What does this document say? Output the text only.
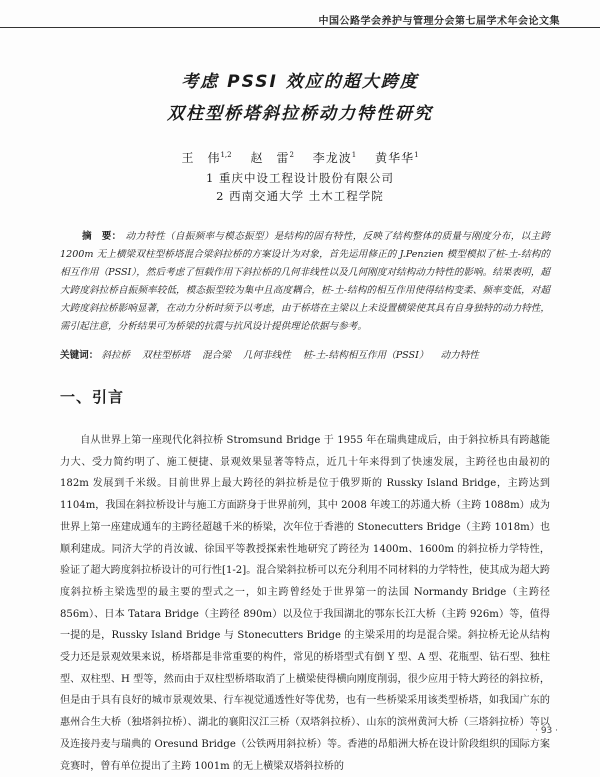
中国公路学会养护与管理分会第七届学术年会论文集
考虑 PSSI 效应的超大跨度
双柱型桥塔斜拉桥动力特性研究
王　伟$^{1,2}$ 赵　雷$^2$ 李龙波$^1$ 黄华华$^1$
1 重庆中设工程设计股份有限公司
2 西南交通大学 土木工程学院
摘　要： 动力特性（自振频率与模态振型）是结构的固有特性，反映了结构整体的质量与刚度分布，以主跨 1200m 无上横梁双柱型桥塔混合梁斜拉桥的方案设计为对象，首先运用修正的 J.Penzien 模型模拟了桩-土-结构的相互作用（PSSI），然后考虑了恒载作用下斜拉桥的几何非线性以及几何刚度对结构动力特性的影响。结果表明，超大跨度斜拉桥自振频率较低，模态振型较为集中且高度耦合，桩-土-结构的相互作用使得结构变柔、频率变低，对超大跨度斜拉桥影响显著，在动力分析时须予以考虑，由于桥塔在主梁以上未设置横梁使其具有自身独特的动力特性，需引起注意，分析结果可为桥梁的抗震与抗风设计提供理论依据与参考。
关键词： 斜拉桥 双柱型桥塔 混合梁 几何非线性 桩-土-结构相互作用（PSSI） 动力特性
一、引言
自从世界上第一座现代化斜拉桥 Stromsund Bridge 于 1955 年在瑞典建成后，由于斜拉桥具有跨越能力大、受力简约明了、施工便捷、景观效果显著等特点，近几十年来得到了快速发展，主跨径也由最初的 182m 发展到千米级。目前世界上最大跨径的斜拉桥是位于俄罗斯的 Russky Island Bridge，主跨达到 1104m，我国在斜拉桥设计与施工方面跻身于世界前列，其中 2008 年竣工的苏通大桥（主跨 1088m）成为世界上第一座建成通车的主跨径超越千米的桥梁，次年位于香港的 Stonecutters Bridge（主跨 1018m）也顺利建成。同济大学的肖汝诚、徐国平等教授探索性地研究了跨径为 1400m、1600m 的斜拉桥力学特性，验证了超大跨度斜拉桥设计的可行性[1-2]。混合梁斜拉桥可以充分利用不同材料的力学特性，使其成为超大跨度斜拉桥主梁选型的最主要的型式之一，如主跨曾经处于世界第一的法国 Normandy Bridge（主跨径 856m）、日本 Tatara Bridge（主跨径 890m）以及位于我国湖北的鄂东长江大桥（主跨 926m）等，值得一提的是，Russky Island Bridge 与 Stonecutters Bridge 的主梁采用的均是混合梁。斜拉桥无论从结构受力还是景观效果来说，桥塔都是非常重要的构件，常见的桥塔型式有倒 Y 型、A 型、花瓶型、钻石型、独柱型、双柱型、H 型等，然而由于双柱型桥塔取消了上横梁使得横向刚度削弱，很少应用于特大跨径的斜拉桥，但是由于具有良好的城市景观效果、行车视觉通透性好等优势，也有一些桥梁采用该类型桥塔，如我国广东的惠州合生大桥（独塔斜拉桥）、湖北的襄阳汉江三桥（双塔斜拉桥）、山东的滨州黄河大桥（三塔斜拉桥）等以及连接丹麦与瑞典的 Oresund Bridge（公铁两用斜拉桥）等。香港的昂船洲大桥在设计阶段组织的国际方案竞赛时，曾有单位提出了主跨 1001m 的无上横梁双塔斜拉桥的
· 93 ·
